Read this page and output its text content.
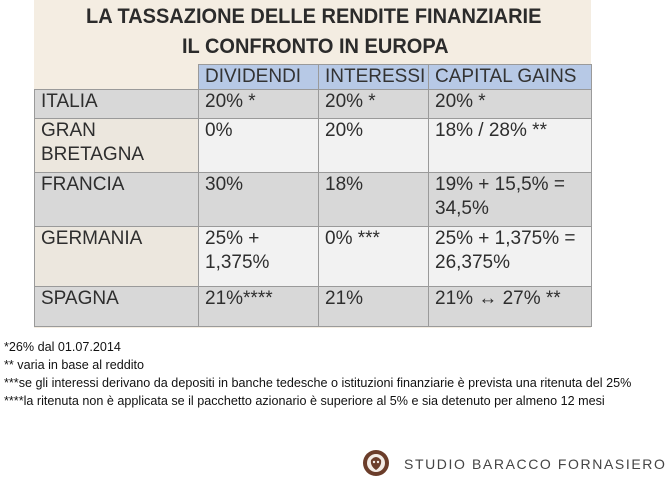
LA TASSAZIONE DELLE RENDITE FINANZIARIE
IL CONFRONTO IN EUROPA
	DIVIDENDI	INTERESSI	CAPITAL GAINS
ITALIA	20% *	20% *	20% *
GRAN BRETAGNA	0%	20%	18% / 28% **
FRANCIA	30%	18%	19% + 15,5% = 34,5%
GERMANIA	25% + 1,375%	0% ***	25% + 1,375% = 26,375%
SPAGNA	21%****	21%	21% ↔ 27% **

*26% dal 01.07.2014

** varia in base al reddito

***se gli interessi derivano da depositi in banche tedesche o istituzioni finanziarie è prevista una ritenuta del 25%

****la ritenuta non è applicata se il pacchetto azionario è superiore al 5% e sia detenuto per almeno 12 mesi

STUDIO BARACCO FORNASIERO
